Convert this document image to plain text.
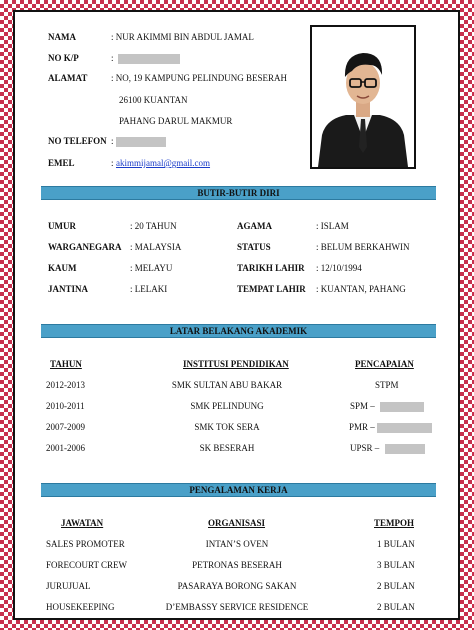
NAMA	: NUR AKIMMI BIN ABDUL JAMAL
NO K/P	:
ALAMAT	: NO, 19 KAMPUNG PELINDUNG BESERAH
26100 KUANTAN
PAHANG DARUL MAKMUR
NO TELEFON :
EMEL	: akimmijamal@gmail.com
BUTIR-BUTIR DIRI
UMUR	: 20 TAHUN	AGAMA	: ISLAM
WARGANEGARA : MALAYSIA	STATUS	: BELUM BERKAHWIN
KAUM	: MELAYU	TARIKH LAHIR : 12/10/1994
JANTINA	: LELAKI	TEMPAT LAHIR : KUANTAN, PAHANG
LATAR BELAKANG AKADEMIK
TAHUN	INSTITUSI PENDIDIKAN	PENCAPAIAN
2012-2013	SMK SULTAN ABU BAKAR	STPM
2010-2011	SMK PELINDUNG	SPM –
2007-2009	SMK TOK SERA	PMR –
2001-2006	SK BESERAH	UPSR –
PENGALAMAN KERJA
JAWATAN	ORGANISASI	TEMPOH
SALES PROMOTER	INTAN’S OVEN	1 BULAN
FORECOURT CREW	PETRONAS BESERAH	3 BULAN
JURUJUAL	PASARAYA BORONG SAKAN	2 BULAN
HOUSEKEEPING	D’EMBASSY SERVICE RESIDENCE	2 BULAN
